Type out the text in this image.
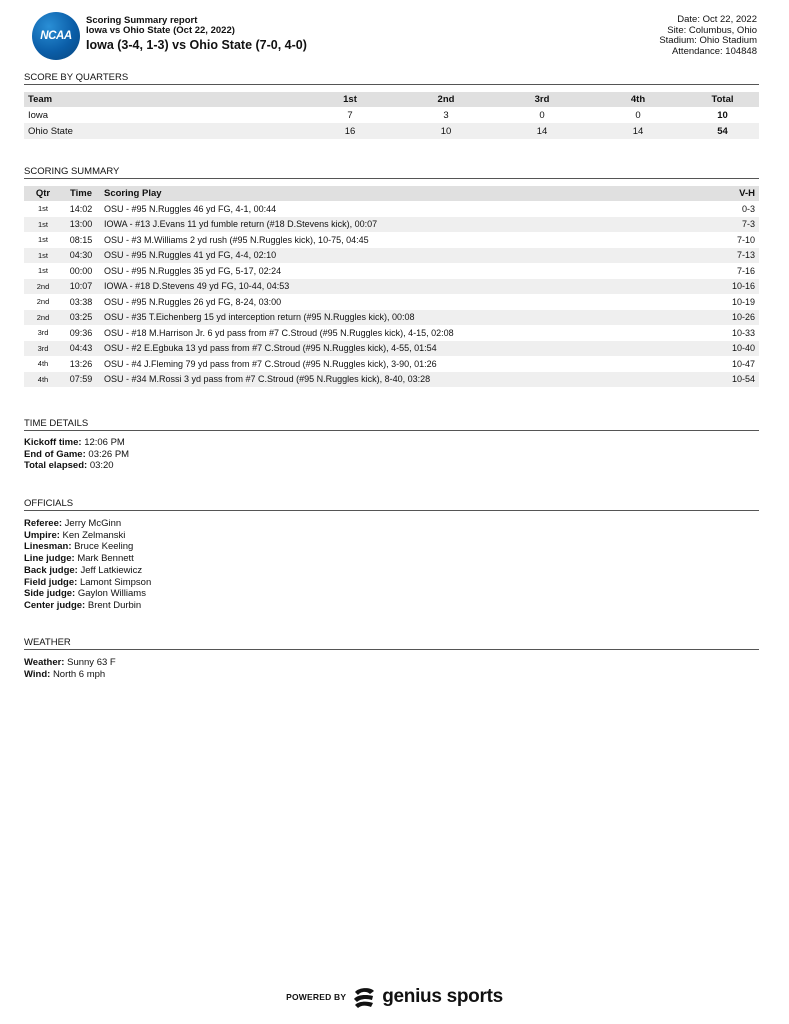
NCAA
Scoring Summary report
Iowa vs Ohio State (Oct 22, 2022)
Iowa (3-4, 1-3) vs Ohio State (7-0, 4-0)
Date: Oct 22, 2022
Site: Columbus, Ohio
Stadium: Ohio Stadium
Attendance: 104848
SCORE BY QUARTERS
Team	1st	2nd	3rd	4th	Total
Iowa	7	3	0	0	10
Ohio State	16	10	14	14	54
SCORING SUMMARY
Qtr	Time	Scoring Play	V-H
1st	14:02	OSU - #95 N.Ruggles 46 yd FG, 4-1, 00:44	0-3
1st	13:00	IOWA - #13 J.Evans 11 yd fumble return (#18 D.Stevens kick), 00:07	7-3
1st	08:15	OSU - #3 M.Williams 2 yd rush (#95 N.Ruggles kick), 10-75, 04:45	7-10
1st	04:30	OSU - #95 N.Ruggles 41 yd FG, 4-4, 02:10	7-13
1st	00:00	OSU - #95 N.Ruggles 35 yd FG, 5-17, 02:24	7-16
2nd	10:07	IOWA - #18 D.Stevens 49 yd FG, 10-44, 04:53	10-16
2nd	03:38	OSU - #95 N.Ruggles 26 yd FG, 8-24, 03:00	10-19
2nd	03:25	OSU - #35 T.Eichenberg 15 yd interception return (#95 N.Ruggles kick), 00:08	10-26
3rd	09:36	OSU - #18 M.Harrison Jr. 6 yd pass from #7 C.Stroud (#95 N.Ruggles kick), 4-15, 02:08	10-33
3rd	04:43	OSU - #2 E.Egbuka 13 yd pass from #7 C.Stroud (#95 N.Ruggles kick), 4-55, 01:54	10-40
4th	13:26	OSU - #4 J.Fleming 79 yd pass from #7 C.Stroud (#95 N.Ruggles kick), 3-90, 01:26	10-47
4th	07:59	OSU - #34 M.Rossi 3 yd pass from #7 C.Stroud (#95 N.Ruggles kick), 8-40, 03:28	10-54
TIME DETAILS
Kickoff time: 12:06 PM
End of Game: 03:26 PM
Total elapsed: 03:20
OFFICIALS
Referee: Jerry McGinn
Umpire: Ken Zelmanski
Linesman: Bruce Keeling
Line judge: Mark Bennett
Back judge: Jeff Latkiewicz
Field judge: Lamont Simpson
Side judge: Gaylon Williams
Center judge: Brent Durbin
WEATHER
Weather: Sunny 63 F
Wind: North 6 mph
POWERED BY genius sports
